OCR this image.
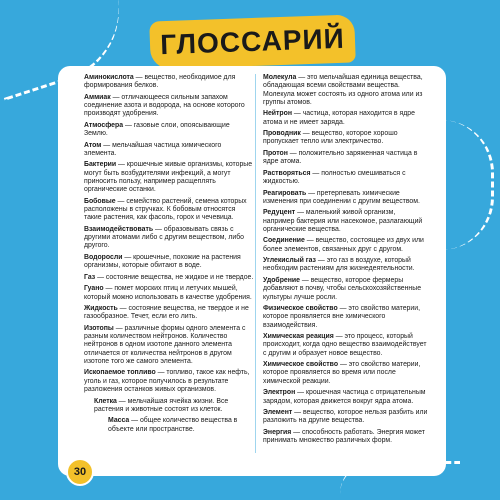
ГЛОССАРИЙ

Аминокислота — вещество, необходимое для формирования белков.

Аммиак — отличающееся сильным запахом соединение азота и водорода, на основе которого производят удобрения.

Атмосфера — газовые слои, опоясывающие Землю.

Атом — мельчайшая частица химического элемента.

Бактерии — крошечные живые организмы, которые могут быть возбудителями инфекций, а могут приносить пользу, например расщеплять органические останки.

Бобовые — семейство растений, семена которых расположены в стручках. К бобовым относятся такие растения, как фасоль, горох и чечевица.

Взаимодействовать — образовывать связь с другими атомами либо с другим веществом, либо другого.

Водоросли — крошечные, похожие на растения организмы, которые обитают в воде.

Газ — состояние вещества, не жидкое и не твердое.

Гуано — помет морских птиц и летучих мышей, который можно использовать в качестве удобрения.

Жидкость — состояние вещества, не твердое и не газообразное. Течет, если его лить.

Изотопы — различные формы одного элемента с разным количеством нейтронов. Количество нейтронов в одном изотопе данного элемента отличается от количества нейтронов в другом изотопе того же самого элемента.

Ископаемое топливо — топливо, такое как нефть, уголь и газ, которое получилось в результате разложения останков живых организмов.

Клетка — мельчайшая ячейка жизни. Все растения и животные состоят из клеток.

Масса — общее количество вещества в объекте или пространстве.

Молекула — это мельчайшая единица вещества, обладающая всеми свойствами вещества. Молекула может состоять из одного атома или из группы атомов.

Нейтрон — частица, которая находится в ядре атома и не имеет заряда.

Проводник — вещество, которое хорошо пропускает тепло или электричество.

Протон — положительно заряженная частица в ядре атома.

Растворяться — полностью смешиваться с жидкостью.

Реагировать — претерпевать химические изменения при соединении с другим веществом.

Редуцент — маленький живой организм, например бактерия или насекомое, разлагающий органические вещества.

Соединение — вещество, состоящее из двух или более элементов, связанных друг с другом.

Углекислый газ — это газ в воздухе, который необходим растениям для жизнедеятельности.

Удобрение — вещество, которое фермеры добавляют в почву, чтобы сельскохозяйственные культуры лучше росли.

Физическое свойство — это свойство материи, которое проявляется вне химического взаимодействия.

Химическая реакция — это процесс, который происходит, когда одно вещество взаимодействует с другим и образует новое вещество.

Химическое свойство — это свойство материи, которое проявляется во время или после химической реакции.

Электрон — крошечная частица с отрицательным зарядом, которая движется вокруг ядра атома.

Элемент — вещество, которое нельзя разбить или разложить на другие вещества.

Энергия — способность работать. Энергия может принимать множество различных форм.

30
